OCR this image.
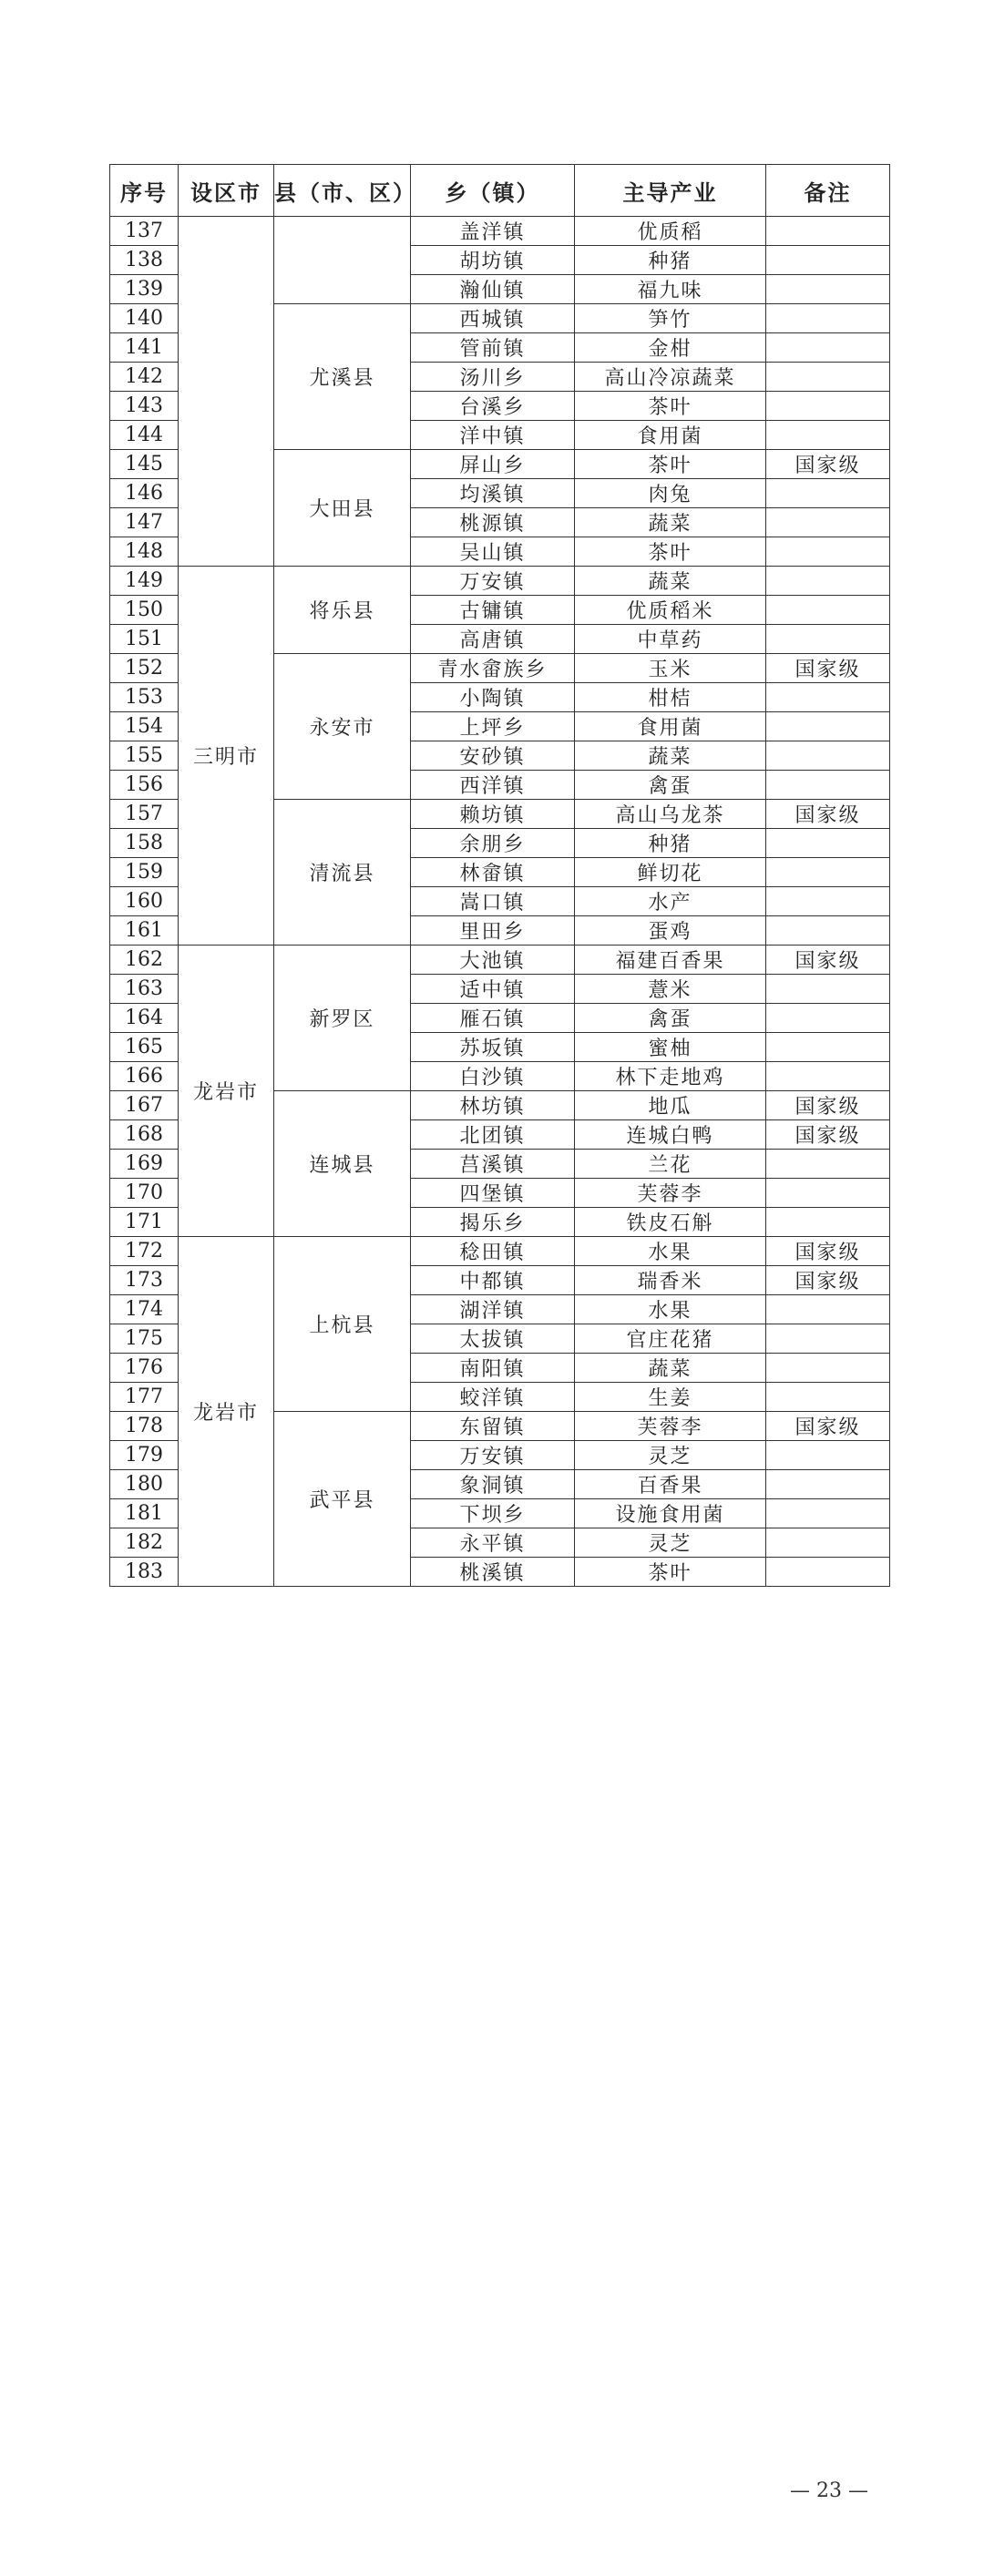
序号	设区市	县（市、区）	乡（镇）	主导产业	备注
137			盖洋镇	优质稻	
138			胡坊镇	种猪	
139			瀚仙镇	福九味	
140		尤溪县	西城镇	笋竹	
141			管前镇	金柑	
142			汤川乡	高山冷凉蔬菜	
143			台溪乡	茶叶	
144			洋中镇	食用菌	
145		大田县	屏山乡	茶叶	国家级
146			均溪镇	肉兔	
147			桃源镇	蔬菜	
148			吴山镇	茶叶	
149	三明市	将乐县	万安镇	蔬菜	
150			古镛镇	优质稻米	
151			高唐镇	中草药	
152		永安市	青水畲族乡	玉米	国家级
153			小陶镇	柑桔	
154			上坪乡	食用菌	
155			安砂镇	蔬菜	
156			西洋镇	禽蛋	
157		清流县	赖坊镇	高山乌龙茶	国家级
158			余朋乡	种猪	
159			林畲镇	鲜切花	
160			嵩口镇	水产	
161			里田乡	蛋鸡	
162	龙岩市	新罗区	大池镇	福建百香果	国家级
163			适中镇	薏米	
164			雁石镇	禽蛋	
165			苏坂镇	蜜柚	
166			白沙镇	林下走地鸡	
167		连城县	林坊镇	地瓜	国家级
168			北团镇	连城白鸭	国家级
169			莒溪镇	兰花	
170			四堡镇	芙蓉李	
171			揭乐乡	铁皮石斛	
172	龙岩市	上杭县	稔田镇	水果	国家级
173			中都镇	瑞香米	国家级
174			湖洋镇	水果	
175			太拔镇	官庄花猪	
176			南阳镇	蔬菜	
177			蛟洋镇	生姜	
178		武平县	东留镇	芙蓉李	国家级
179			万安镇	灵芝	
180			象洞镇	百香果	
181			下坝乡	设施食用菌	
182			永平镇	灵芝	
183			桃溪镇	茶叶	
— 23 —
